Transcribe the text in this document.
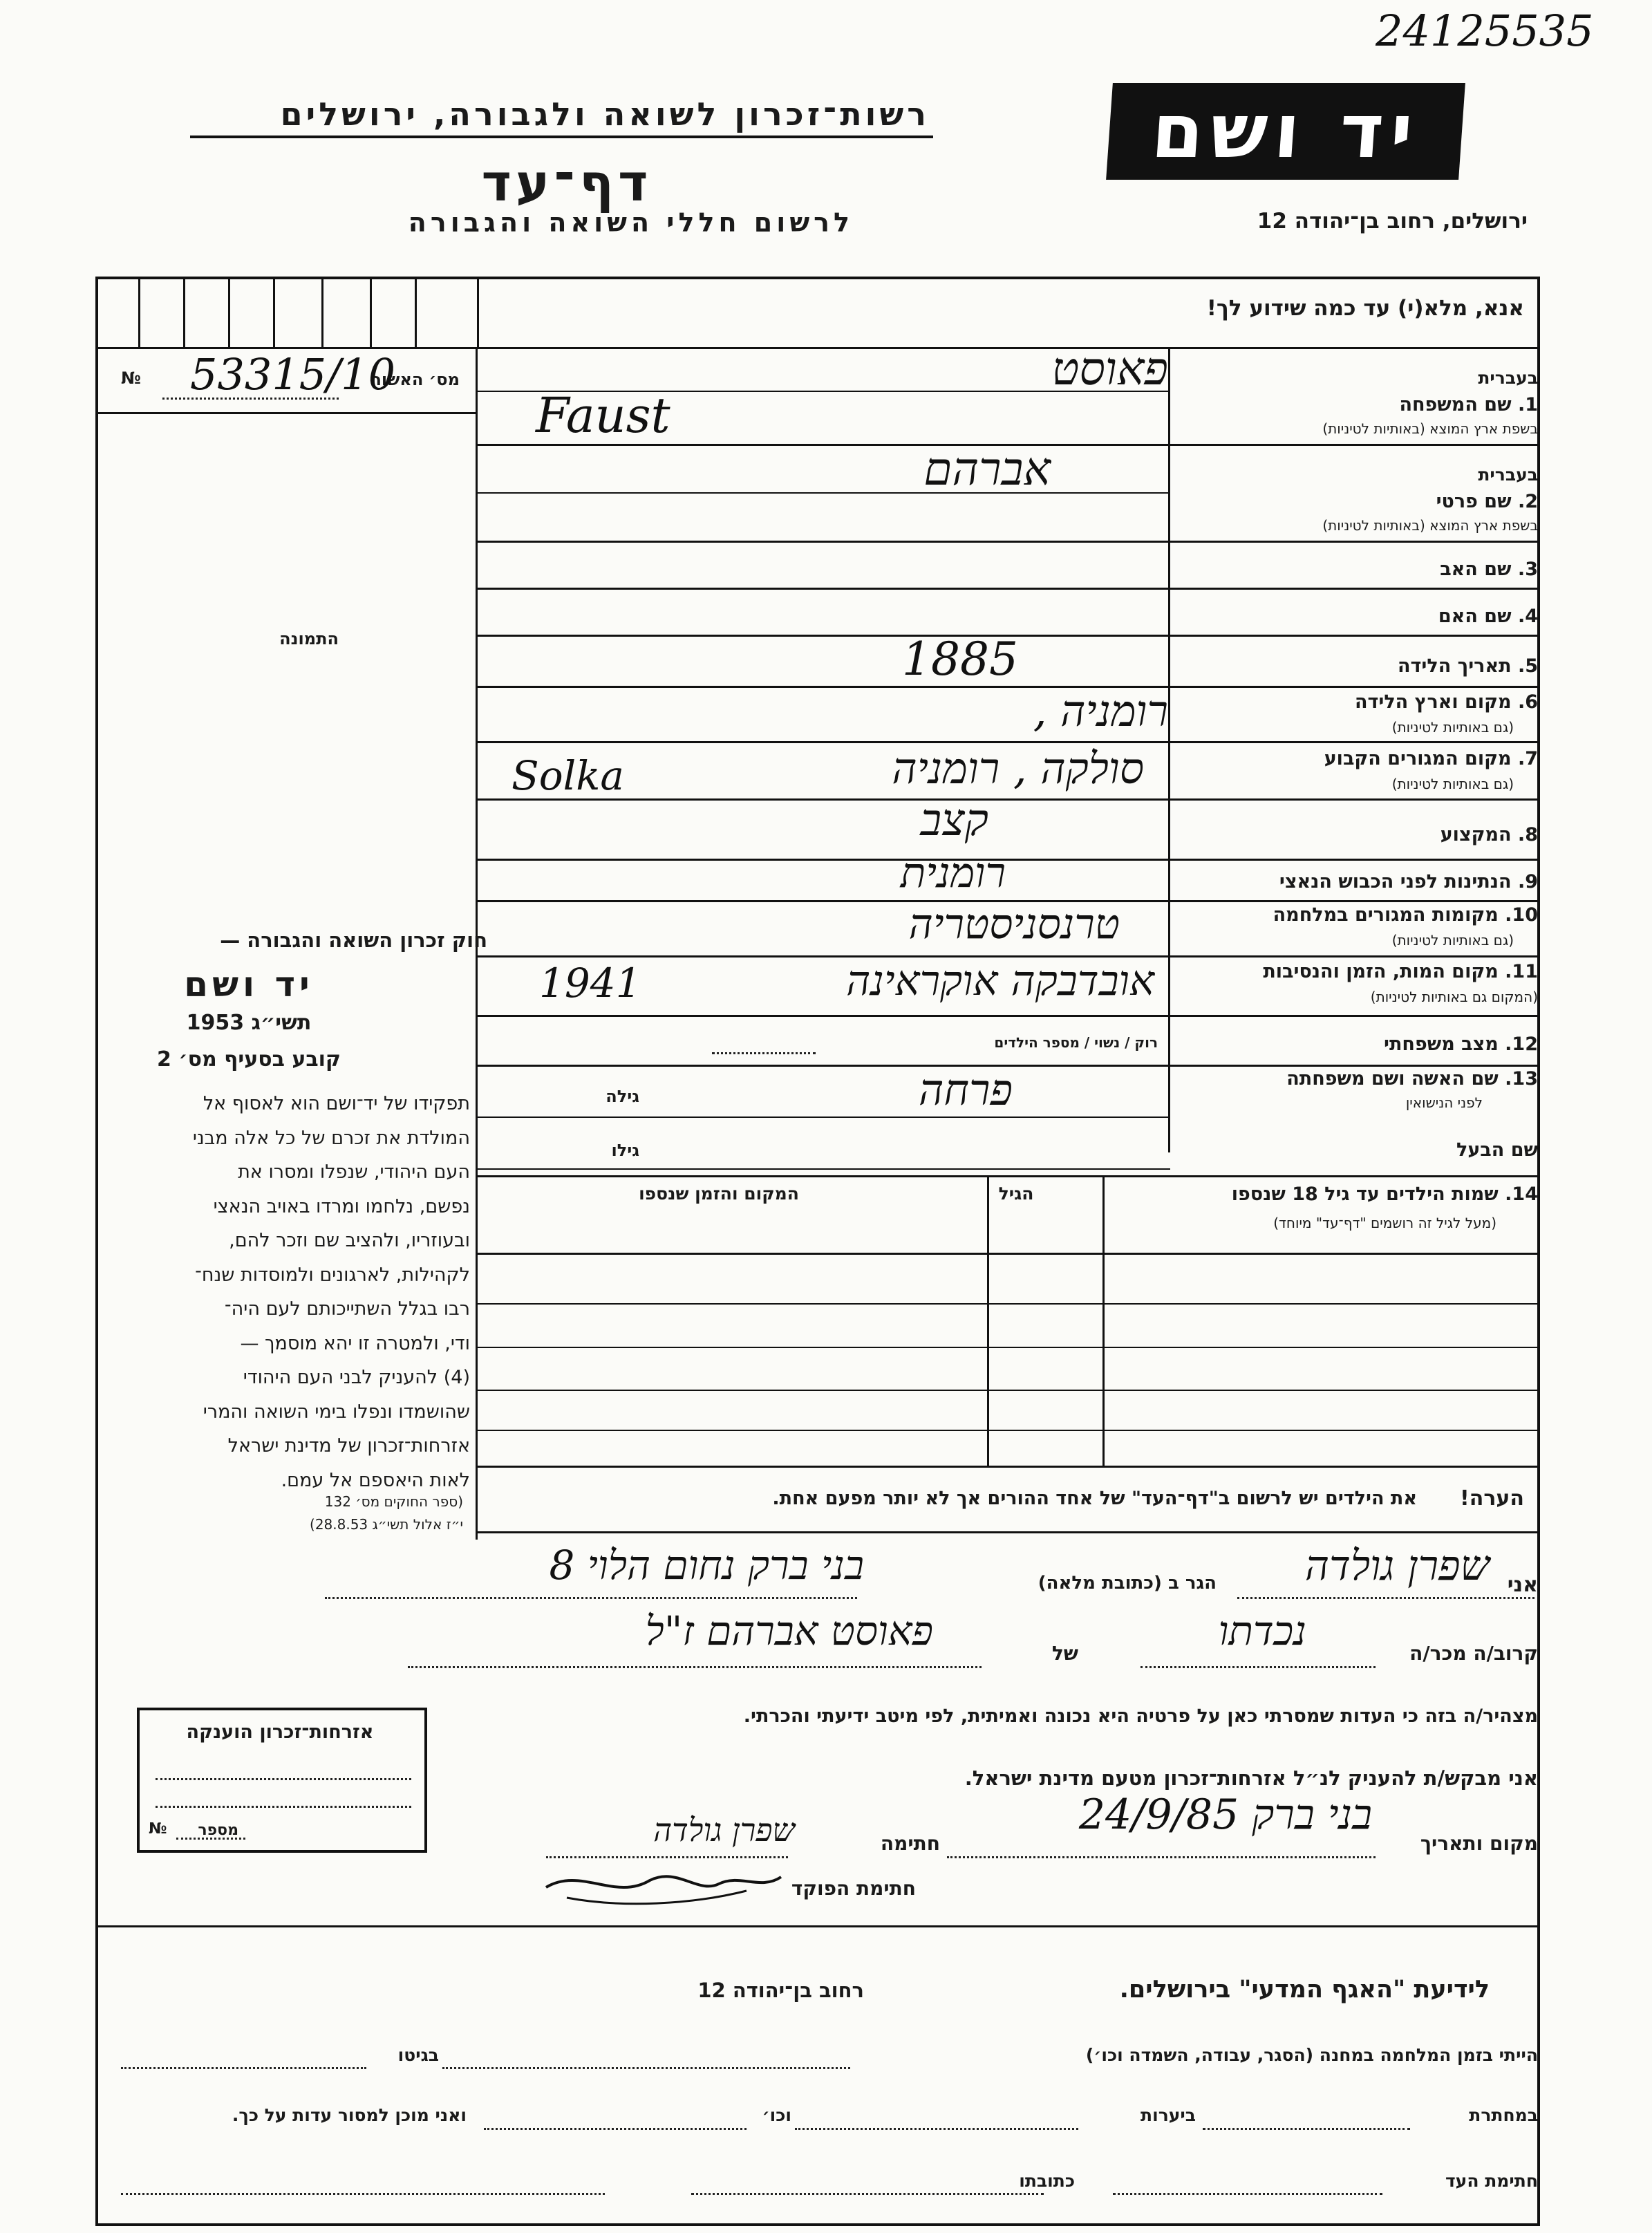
24125535
רשות־זכרון לשואה ולגבורה, ירושלים
דף־עד
לרשום חללי השואה והגבורה
יד ושם
ירושלים, רחוב בן־יהודה 12
אנא, מלא(י) עד כמה שידוע לך!
מס׳ האשור
№ 53315/10
התמונה
חוק זכרון השואה והגבורה —
יד ושם
תשי״ג 1953
קובע בסעיף מס׳ 2

תפקידו של יד־ושם הוא לאסוף אל

המולדת את זכרם של כל אלה מבני

העם היהודי, שנפלו ומסרו את

נפשם, נלחמו ומרדו באויב הנאצי

ובעוזריו, ולהציב שם וזכר להם,

לקהילות, לארגונים ולמוסדות שנח־

רבו בגלל השתייכותם לעם היה־

ודי, ולמטרה זו יהא מוסמך —

(4) להעניק לבני העם היהודי

שהושמדו ונפלו בימי השואה והמרי

אזרחות־זכרון של מדינת ישראל

לאות היאספם אל עמם.

(ספר החוקים מס׳ 132
י״ז אלול תשי״ג 28.8.53)
בעברית
1. שם המשפחה
בשפת ארץ המוצא (באותיות לטיניות)
פאוסט
Faust
בעברית
2. שם פרטי
בשפת ארץ המוצא (באותיות לטיניות)
אברהם
3. שם האב
4. שם האם
5. תאריך הלידה
1885
6. מקום וארץ הלידה
(גם באותיות לטיניות)
רומניה ,
7. מקום המגורים הקבוע
(גם באותיות לטיניות)
Solka	סולקה , רומניה
8. המקצוע
קצב
9. הנתינות לפני הכבוש הנאצי
רומנית
10. מקומות המגורים במלחמה
(גם באותיות לטיניות)
טרנסניסטריה
11. מקום המות, הזמן והנסיבות
(המקום גם באותיות לטיניות)
אובדבקה אוקראינה
1941
12. מצב משפחתי
רוק / נשוי / מספר הילדים
13. שם האשה ושם משפחתה
לפני הנישואין
גילה	פרחה
שם הבעל
גילו
14. שמות הילדים עד גיל 18 שנספו
(מעל לגיל זה רושמים "דף־עד" מיוחד)
הגיל
המקום והזמן שנספו
הערה!
את הילדים יש לרשום ב"דף־העד" של אחד ההורים אך לא יותר מפעם אחת.
אני
שפרן גולדה
הגר ב (כתובת מלאה)
בני ברק נחום הלוי 8
קרוב/ה מכר/ה
נכדתו
של
פאוסט אברהם ז"ל
מצהיר/ה בזה כי העדות שמסרתי כאן על פרטיה היא נכונה ואמיתית, לפי מיטב ידיעתי והכרתי.
אני מבקש/ת להעניק לנ״ל אזרחות־זכרון מטעם מדינת ישראל.
מקום ותאריך
בני ברק 24/9/85
חתימה
שפרן גולדה
חתימת הפוקד
אזרחות־זכרון הוענקה
מספר
№
לידיעת "האגף המדעי" בירושלים.
רחוב בן־יהודה 12
הייתי בזמן המלחמה במחנה (הסגר, עבודה, השמדה וכו׳)
בגיטו
במחתרת
ביערות
וכו׳
ואני מוכן למסור עדות על כך.
חתימת העד
כתובתו
